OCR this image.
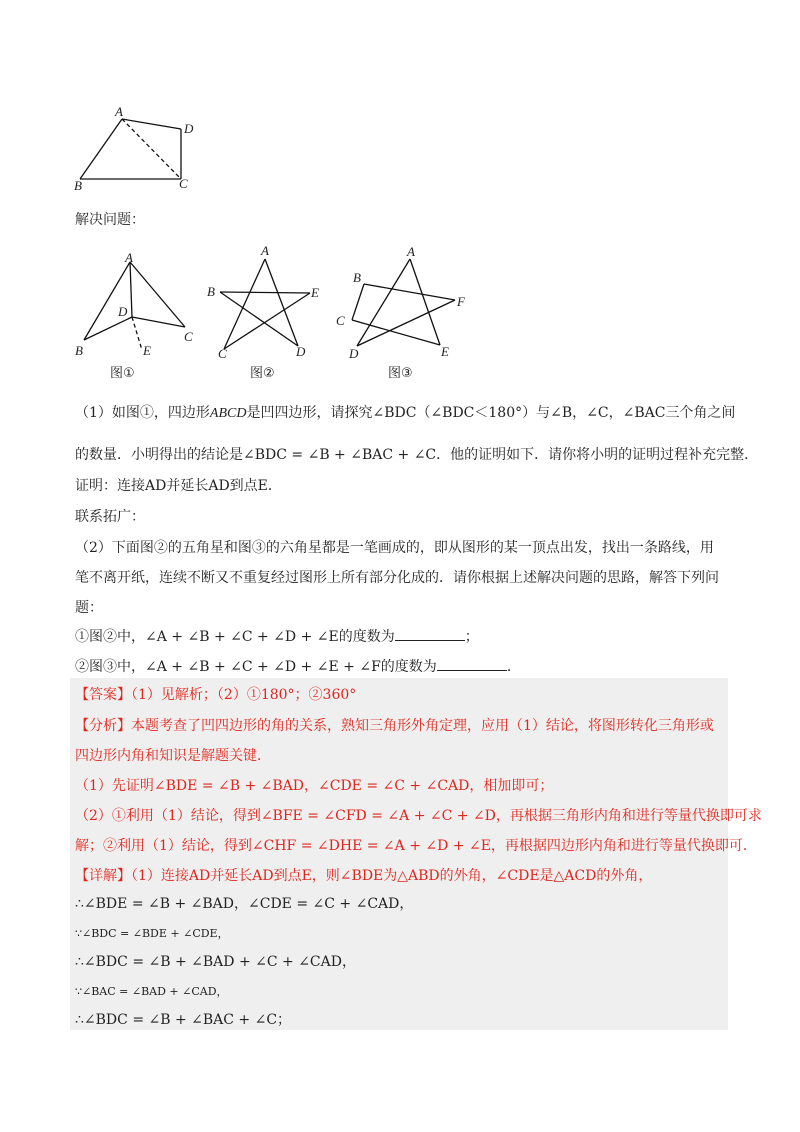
A
D
B	C
解决问题：
A
D
C
B	E
图①
A
B	E
C	D
图②
A
B
F
C
D	E
图③
（1）如图①，四边形ABCD是凹四边形，请探究∠BDC（∠BDC＜180°）与∠B，∠C，∠BAC三个角之间
的数量．小明得出的结论是∠BDC = ∠B + ∠BAC + ∠C．他的证明如下．请你将小明的证明过程补充完整．
证明：连接AD并延长AD到点E．
联系拓广：
（2）下面图②的五角星和图③的六角星都是一笔画成的，即从图形的某一顶点出发，找出一条路线，用
笔不离开纸，连续不断又不重复经过图形上所有部分化成的．请你根据上述解决问题的思路，解答下列问
题：
①图②中，∠A + ∠B + ∠C + ∠D + ∠E的度数为	；
②图③中，∠A + ∠B + ∠C + ∠D + ∠E + ∠F的度数为	．
【答案】（1）见解析；（2）①180°；②360°
【分析】本题考查了凹四边形的角的关系，熟知三角形外角定理，应用（1）结论，将图形转化三角形或
四边形内角和知识是解题关键．
（1）先证明∠BDE = ∠B + ∠BAD，∠CDE = ∠C + ∠CAD，相加即可；
（2）①利用（1）结论，得到∠BFE = ∠CFD = ∠A + ∠C + ∠D，再根据三角形内角和进行等量代换即可求
解；②利用（1）结论，得到∠CHF = ∠DHE = ∠A + ∠D + ∠E，再根据四边形内角和进行等量代换即可．
【详解】（1）连接AD并延长AD到点E，则∠BDE为△ABD的外角，∠CDE是△ACD的外角，
∴∠BDE = ∠B + ∠BAD，∠CDE = ∠C + ∠CAD，
∵∠BDC = ∠BDE + ∠CDE，
∴∠BDC = ∠B + ∠BAD + ∠C + ∠CAD，
∵∠BAC = ∠BAD + ∠CAD，
∴∠BDC = ∠B + ∠BAC + ∠C；
